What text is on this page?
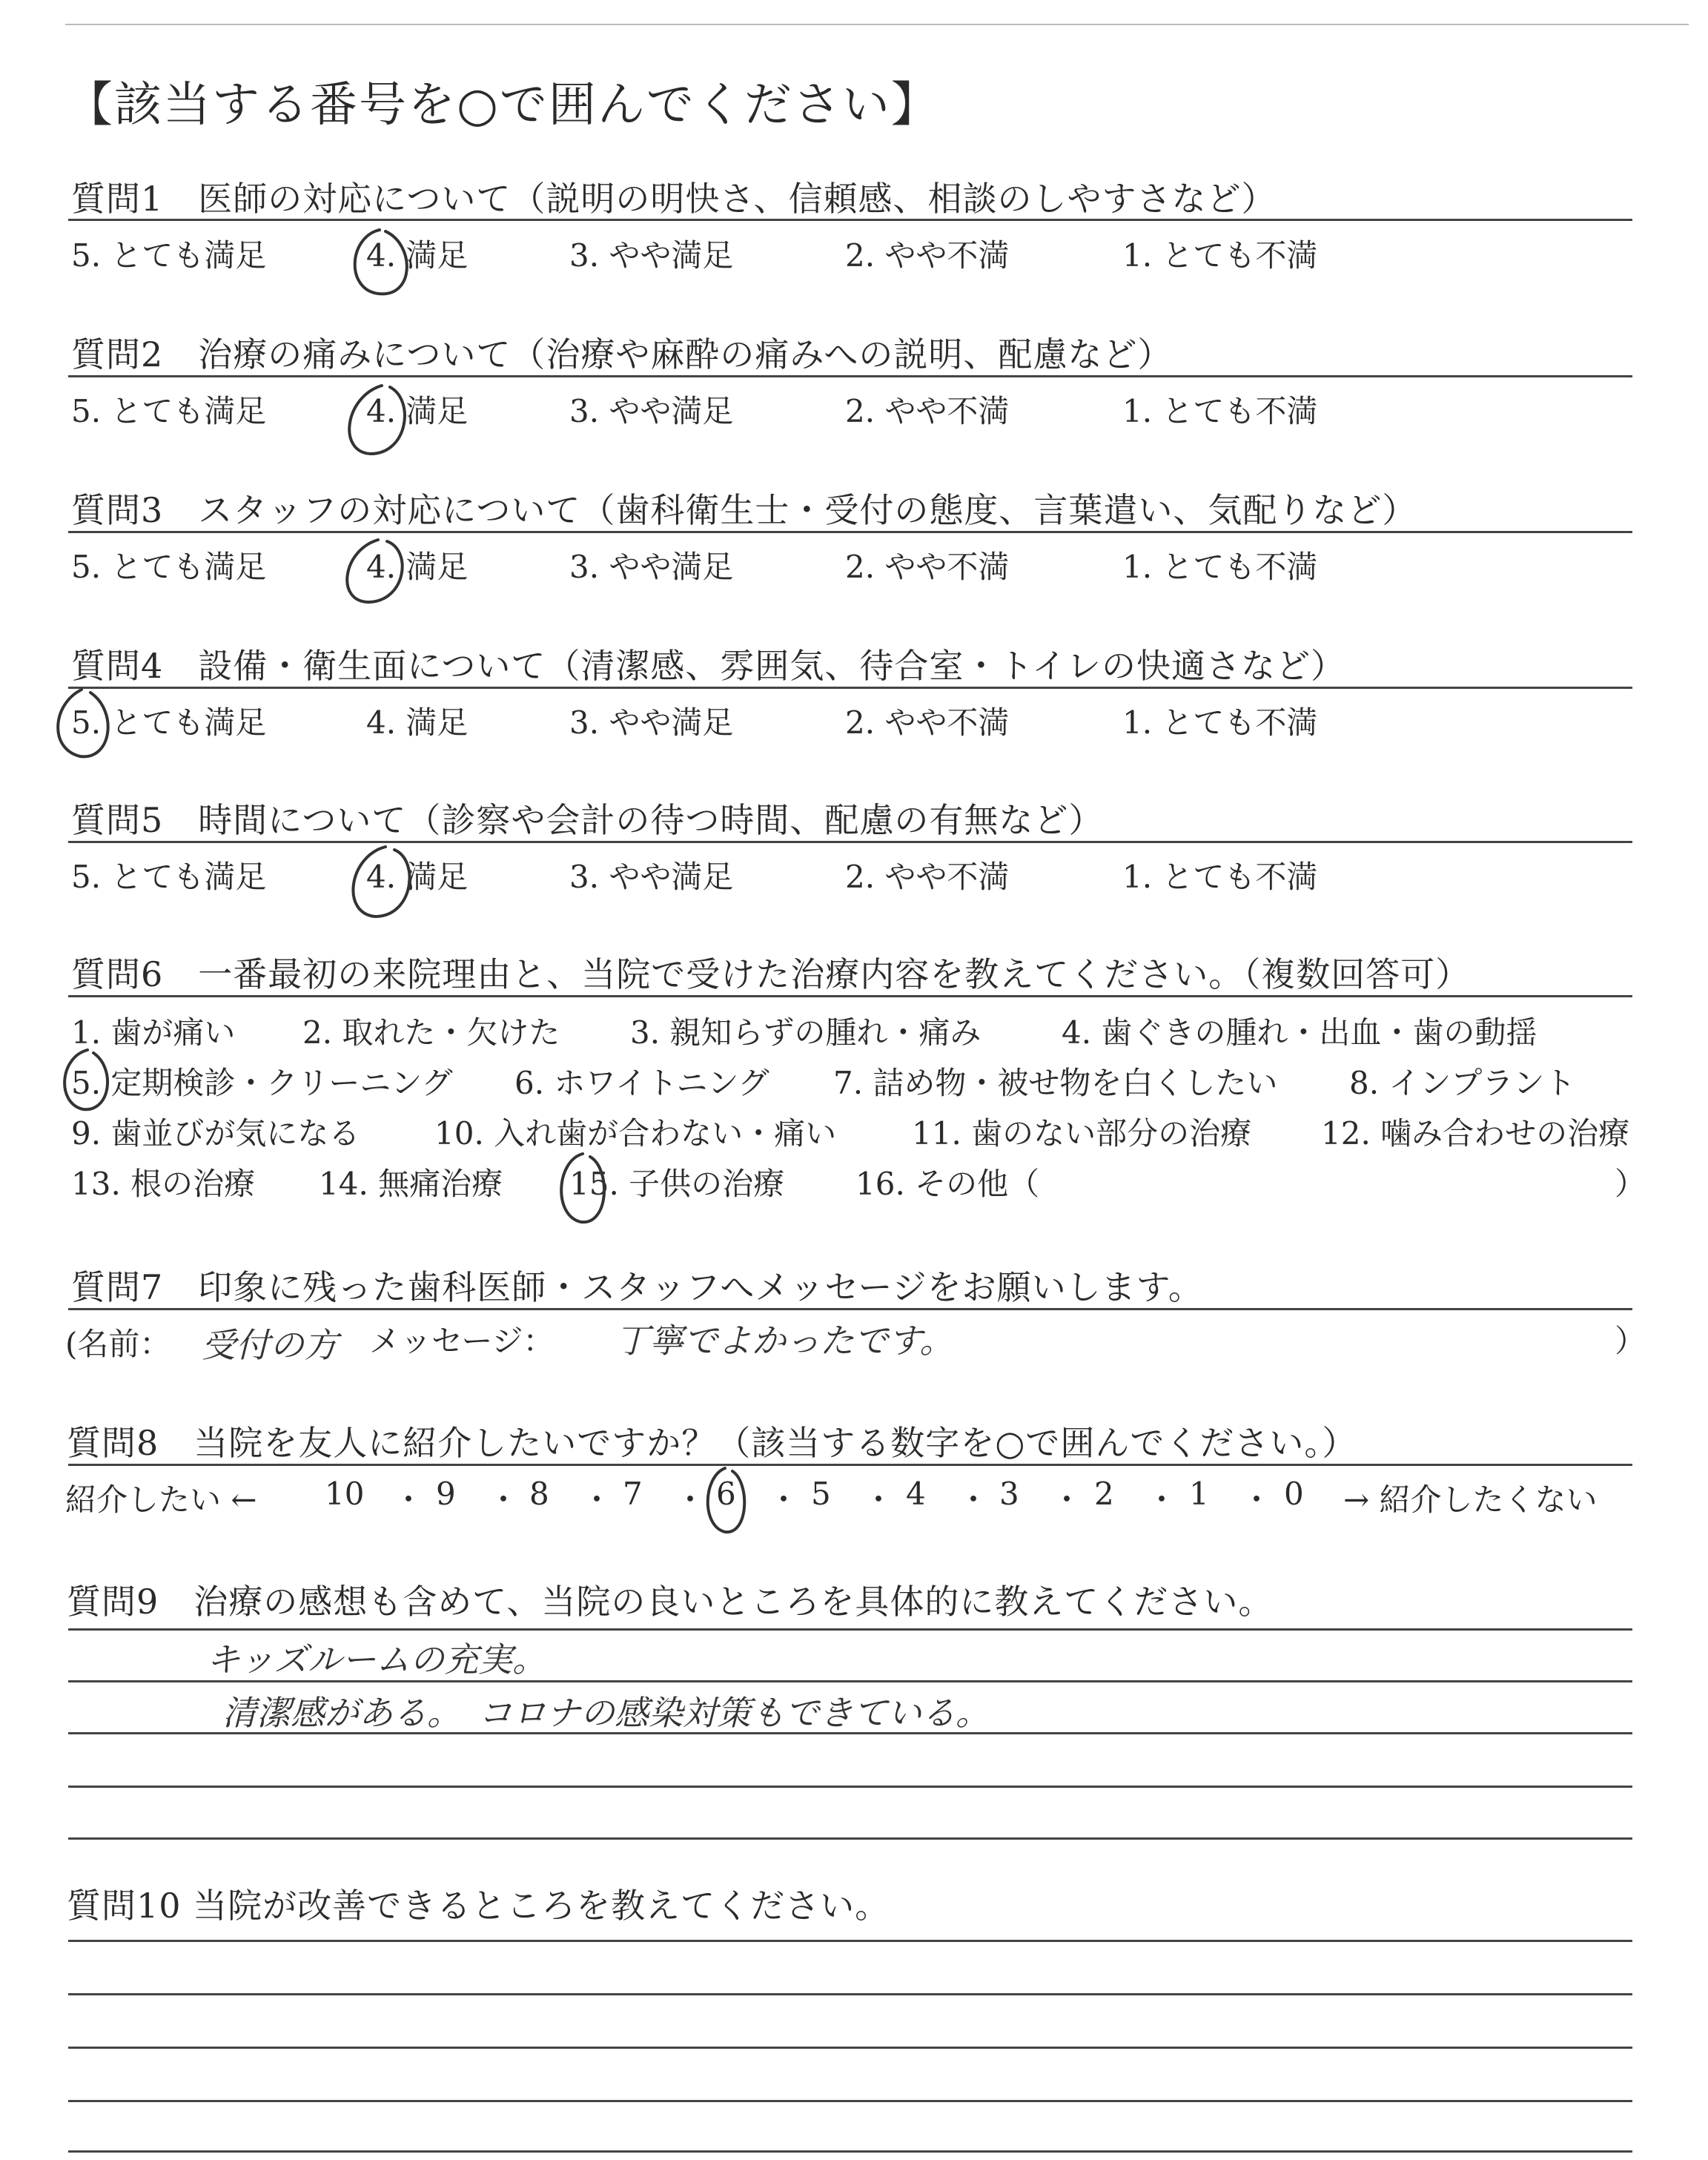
【該当する番号を○で囲んでください】
質問1　医師の対応について（説明の明快さ、信頼感、相談のしやすさなど）
5. とても満足	4. 満足	3. やや満足	2. やや不満	1. とても不満
質問2　治療の痛みについて（治療や麻酔の痛みへの説明、配慮など）
5. とても満足	4. 満足	3. やや満足	2. やや不満	1. とても不満
質問3　スタッフの対応について（歯科衛生士・受付の態度、言葉遣い、気配りなど）
5. とても満足	4. 満足	3. やや満足	2. やや不満	1. とても不満
質問4　設備・衛生面について（清潔感、雰囲気、待合室・トイレの快適さなど）
5. とても満足	4. 満足	3. やや満足	2. やや不満	1. とても不満
質問5　時間について（診察や会計の待つ時間、配慮の有無など）
5. とても満足	4. 満足	3. やや満足	2. やや不満	1. とても不満
質問6　一番最初の来院理由と、当院で受けた治療内容を教えてください。（複数回答可）
1. 歯が痛い 2. 取れた・欠けた 3. 親知らずの腫れ・痛み	4. 歯ぐきの腫れ・出血・歯の動揺
5. 定期検診・クリーニング 6. ホワイトニング 7. 詰め物・被せ物を白くしたい 8. インプラント
9. 歯並びが気になる 10. 入れ歯が合わない・痛い 11. 歯のない部分の治療 12. 噛み合わせの治療
13. 根の治療 14. 無痛治療 15. 子供の治療 16. その他（	）
質問7　印象に残った歯科医師・スタッフへメッセージをお願いします。
(名前： 受付の方 メッセージ： 丁寧でよかったです。	）
質問8　当院を友人に紹介したいですか？（該当する数字を○で囲んでください。）
紹介したい ← 10 ・ 9 ・ 8 ・ 7 ・ 6 ・ 5 ・ 4 ・ 3 ・ 2 ・ 1 ・ 0 → 紹介したくない
質問9　治療の感想も含めて、当院の良いところを具体的に教えてください。
キッズルームの充実。
清潔感がある。　コロナの感染対策もできている。
質問10 当院が改善できるところを教えてください。
